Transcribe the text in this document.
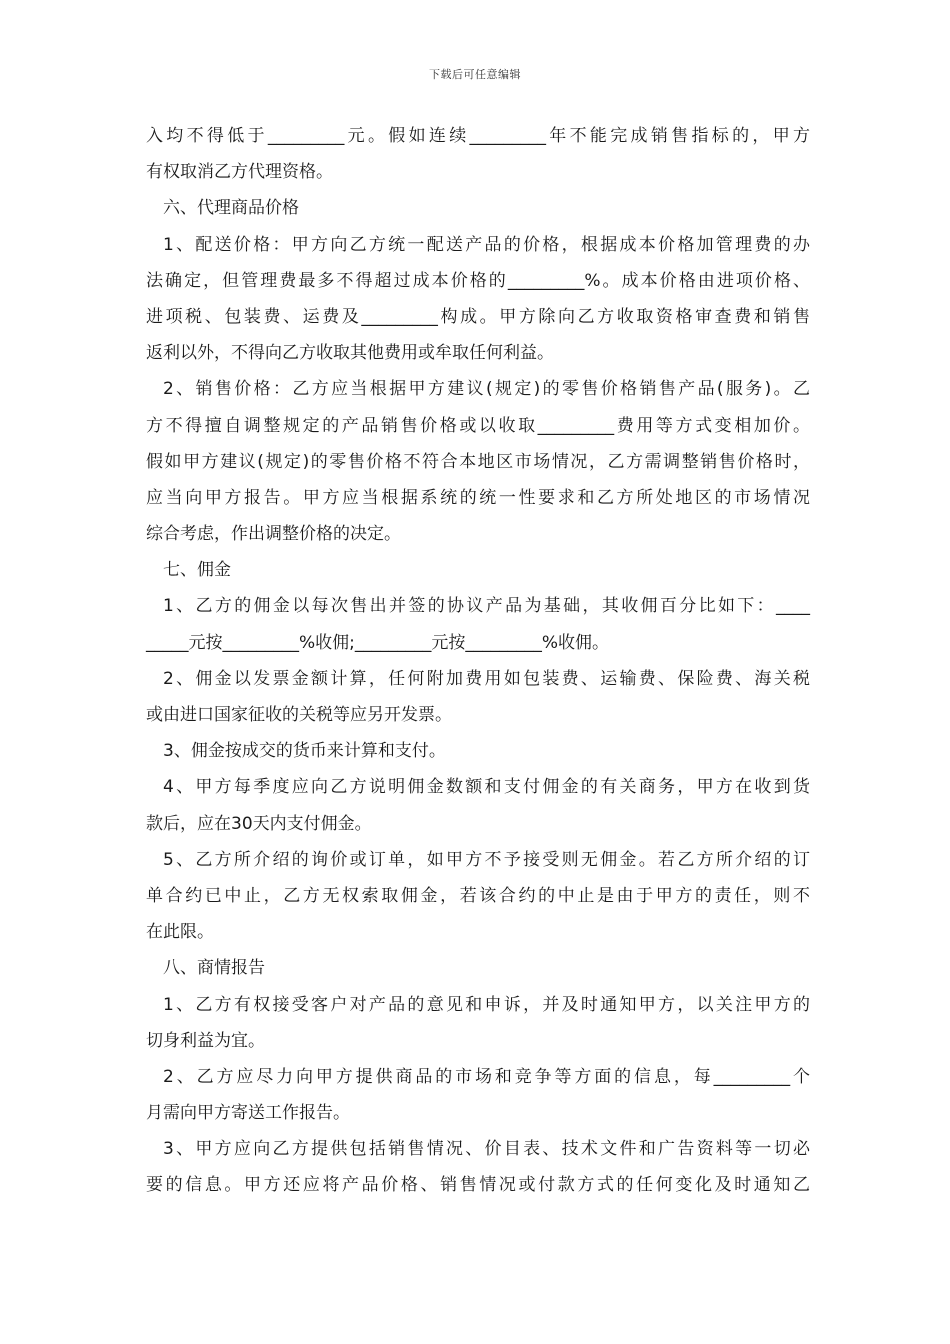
下载后可任意编辑
入均不得低于_________元。假如连续_________年不能完成销售指标的，甲方
有权取消乙方代理资格。
六、代理商品价格
1、配送价格：甲方向乙方统一配送产品的价格，根据成本价格加管理费的办
法确定，但管理费最多不得超过成本价格的_________%。成本价格由进项价格、
进项税、包装费、运费及_________构成。甲方除向乙方收取资格审查费和销售
返利以外，不得向乙方收取其他费用或牟取任何利益。
2、销售价格：乙方应当根据甲方建议(规定)的零售价格销售产品(服务)。乙
方不得擅自调整规定的产品销售价格或以收取_________费用等方式变相加价。
假如甲方建议(规定)的零售价格不符合本地区市场情况，乙方需调整销售价格时，
应当向甲方报告。甲方应当根据系统的统一性要求和乙方所处地区的市场情况
综合考虑，作出调整价格的决定。
七、佣金
1、乙方的佣金以每次售出并签的协议产品为基础，其收佣百分比如下：____
_____元按_________%收佣;_________元按_________%收佣。
2、佣金以发票金额计算，任何附加费用如包装费、运输费、保险费、海关税
或由进口国家征收的关税等应另开发票。
3、佣金按成交的货币来计算和支付。
4、甲方每季度应向乙方说明佣金数额和支付佣金的有关商务，甲方在收到货
款后，应在30天内支付佣金。
5、乙方所介绍的询价或订单，如甲方不予接受则无佣金。若乙方所介绍的订
单合约已中止，乙方无权索取佣金，若该合约的中止是由于甲方的责任，则不
在此限。
八、商情报告
1、乙方有权接受客户对产品的意见和申诉，并及时通知甲方，以关注甲方的
切身利益为宜。
2、乙方应尽力向甲方提供商品的市场和竞争等方面的信息，每_________个
月需向甲方寄送工作报告。
3、甲方应向乙方提供包括销售情况、价目表、技术文件和广告资料等一切必
要的信息。甲方还应将产品价格、销售情况或付款方式的任何变化及时通知乙
